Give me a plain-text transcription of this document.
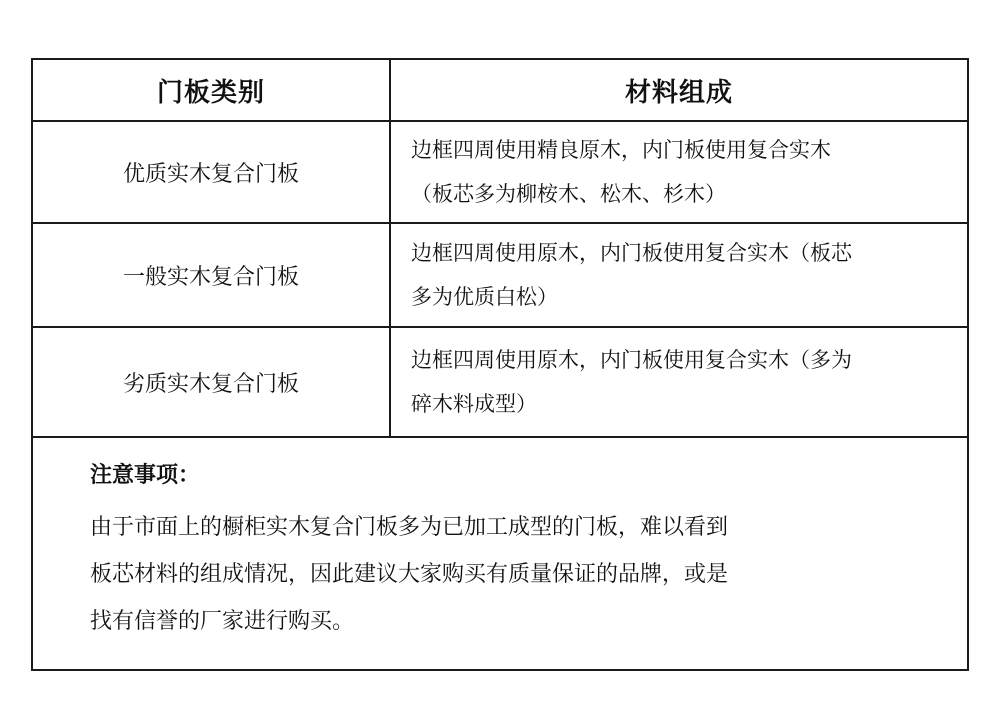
门板类别	材料组成
优质实木复合门板
边框四周使用精良原木，内门板使用复合实木
（板芯多为柳桉木、松木、杉木）
一般实木复合门板
边框四周使用原木，内门板使用复合实木（板芯
多为优质白松）
劣质实木复合门板
边框四周使用原木，内门板使用复合实木（多为
碎木料成型）
注意事项：
由于市面上的橱柜实木复合门板多为已加工成型的门板，难以看到
板芯材料的组成情况，因此建议大家购买有质量保证的品牌，或是
找有信誉的厂家进行购买。
